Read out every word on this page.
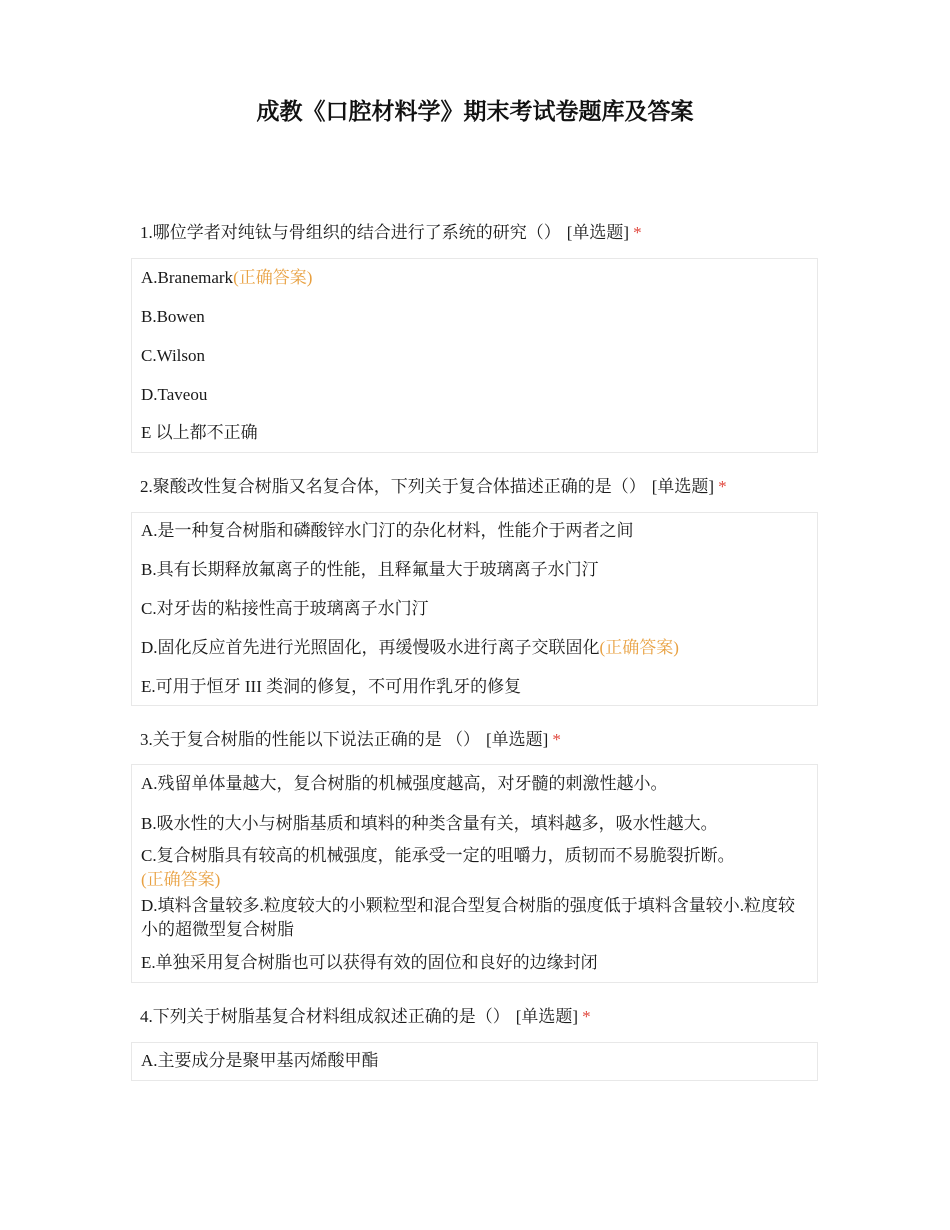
成教《口腔材料学》期末考试卷题库及答案
1.哪位学者对纯钛与骨组织的结合进行了系统的研究（） [单选题] *
A.Branemark(正确答案)
B.Bowen
C.Wilson
D.Taveou
E 以上都不正确
2.聚酸改性复合树脂又名复合体，下列关于复合体描述正确的是（） [单选题] *
A.是一种复合树脂和磷酸锌水门汀的杂化材料，性能介于两者之间
B.具有长期释放氟离子的性能，且释氟量大于玻璃离子水门汀
C.对牙齿的粘接性高于玻璃离子水门汀
D.固化反应首先进行光照固化，再缓慢吸水进行离子交联固化(正确答案)
E.可用于恒牙 III 类洞的修复，不可用作乳牙的修复
3.关于复合树脂的性能以下说法正确的是 （） [单选题] *
A.残留单体量越大，复合树脂的机械强度越高，对牙髓的刺激性越小。
B.吸水性的大小与树脂基质和填料的种类含量有关，填料越多，吸水性越大。
C.复合树脂具有较高的机械强度，能承受一定的咀嚼力，质韧而不易脆裂折断。
(正确答案)
D.填料含量较多.粒度较大的小颗粒型和混合型复合树脂的强度低于填料含量较小.粒度较小的超微型复合树脂
E.单独采用复合树脂也可以获得有效的固位和良好的边缘封闭
4.下列关于树脂基复合材料组成叙述正确的是（） [单选题] *
A.主要成分是聚甲基丙烯酸甲酯
